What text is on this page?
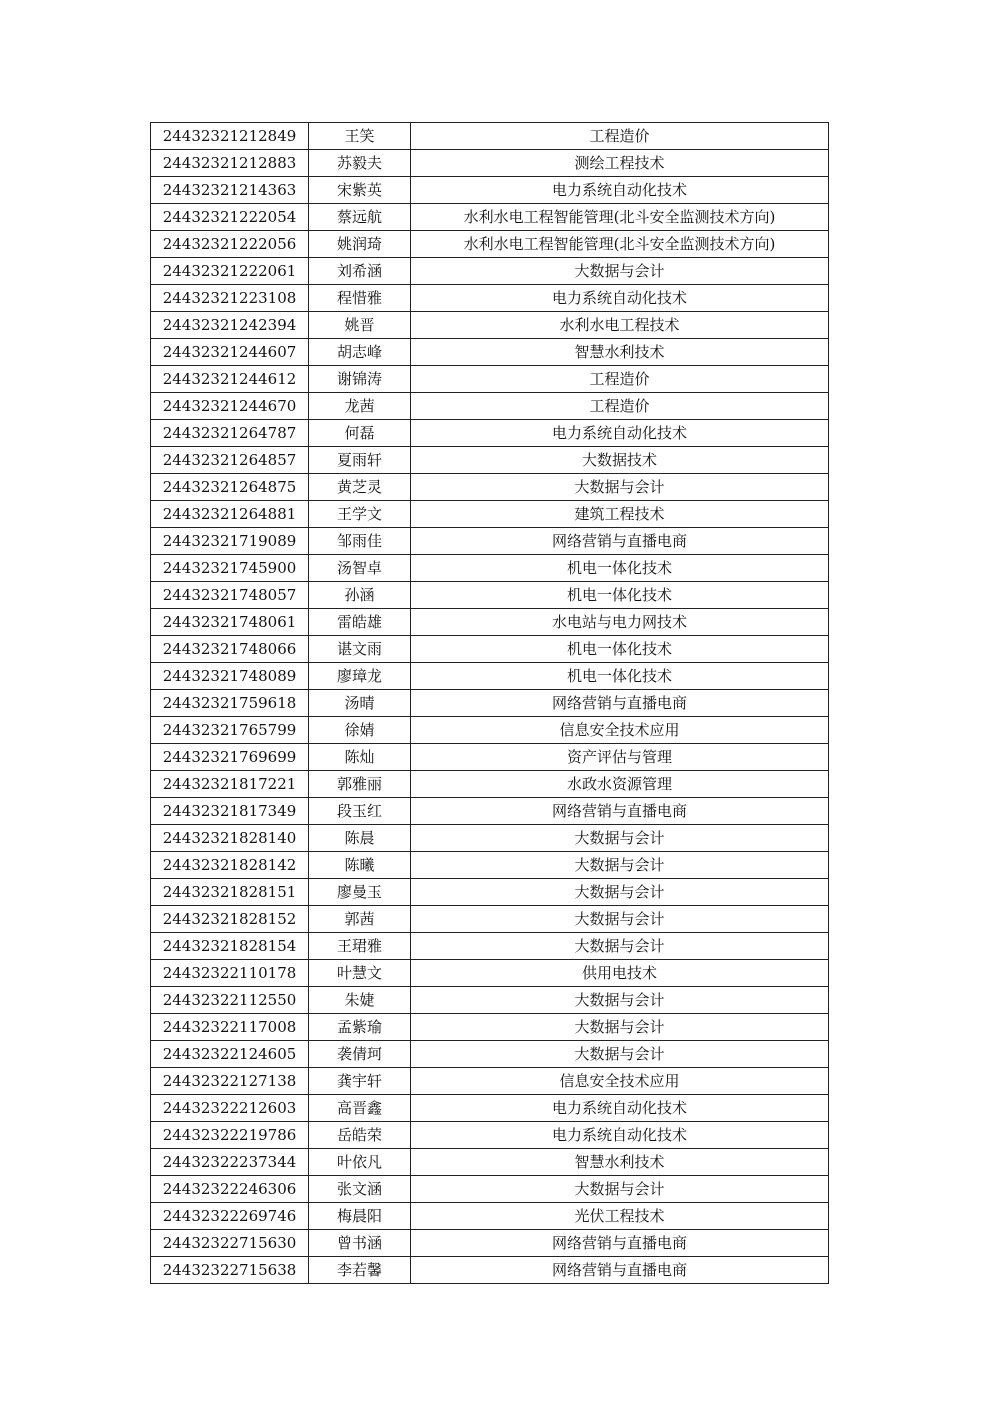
24432321212849	王笑	工程造价
24432321212883	苏毅夫	测绘工程技术
24432321214363	宋紫英	电力系统自动化技术
24432321222054	蔡远航	水利水电工程智能管理(北斗安全监测技术方向)
24432321222056	姚润琦	水利水电工程智能管理(北斗安全监测技术方向)
24432321222061	刘希涵	大数据与会计
24432321223108	程惜雅	电力系统自动化技术
24432321242394	姚晋	水利水电工程技术
24432321244607	胡志峰	智慧水利技术
24432321244612	谢锦涛	工程造价
24432321244670	龙茜	工程造价
24432321264787	何磊	电力系统自动化技术
24432321264857	夏雨轩	大数据技术
24432321264875	黄芝灵	大数据与会计
24432321264881	王学文	建筑工程技术
24432321719089	邹雨佳	网络营销与直播电商
24432321745900	汤智卓	机电一体化技术
24432321748057	孙涵	机电一体化技术
24432321748061	雷皓雄	水电站与电力网技术
24432321748066	谌文雨	机电一体化技术
24432321748089	廖璋龙	机电一体化技术
24432321759618	汤晴	网络营销与直播电商
24432321765799	徐婧	信息安全技术应用
24432321769699	陈灿	资产评估与管理
24432321817221	郭雅丽	水政水资源管理
24432321817349	段玉红	网络营销与直播电商
24432321828140	陈晨	大数据与会计
24432321828142	陈曦	大数据与会计
24432321828151	廖曼玉	大数据与会计
24432321828152	郭茜	大数据与会计
24432321828154	王珺雅	大数据与会计
24432322110178	叶慧文	供用电技术
24432322112550	朱婕	大数据与会计
24432322117008	孟紫瑜	大数据与会计
24432322124605	袭倩珂	大数据与会计
24432322127138	龚宇轩	信息安全技术应用
24432322212603	高晋鑫	电力系统自动化技术
24432322219786	岳皓荣	电力系统自动化技术
24432322237344	叶依凡	智慧水利技术
24432322246306	张文涵	大数据与会计
24432322269746	梅晨阳	光伏工程技术
24432322715630	曾书涵	网络营销与直播电商
24432322715638	李若馨	网络营销与直播电商
